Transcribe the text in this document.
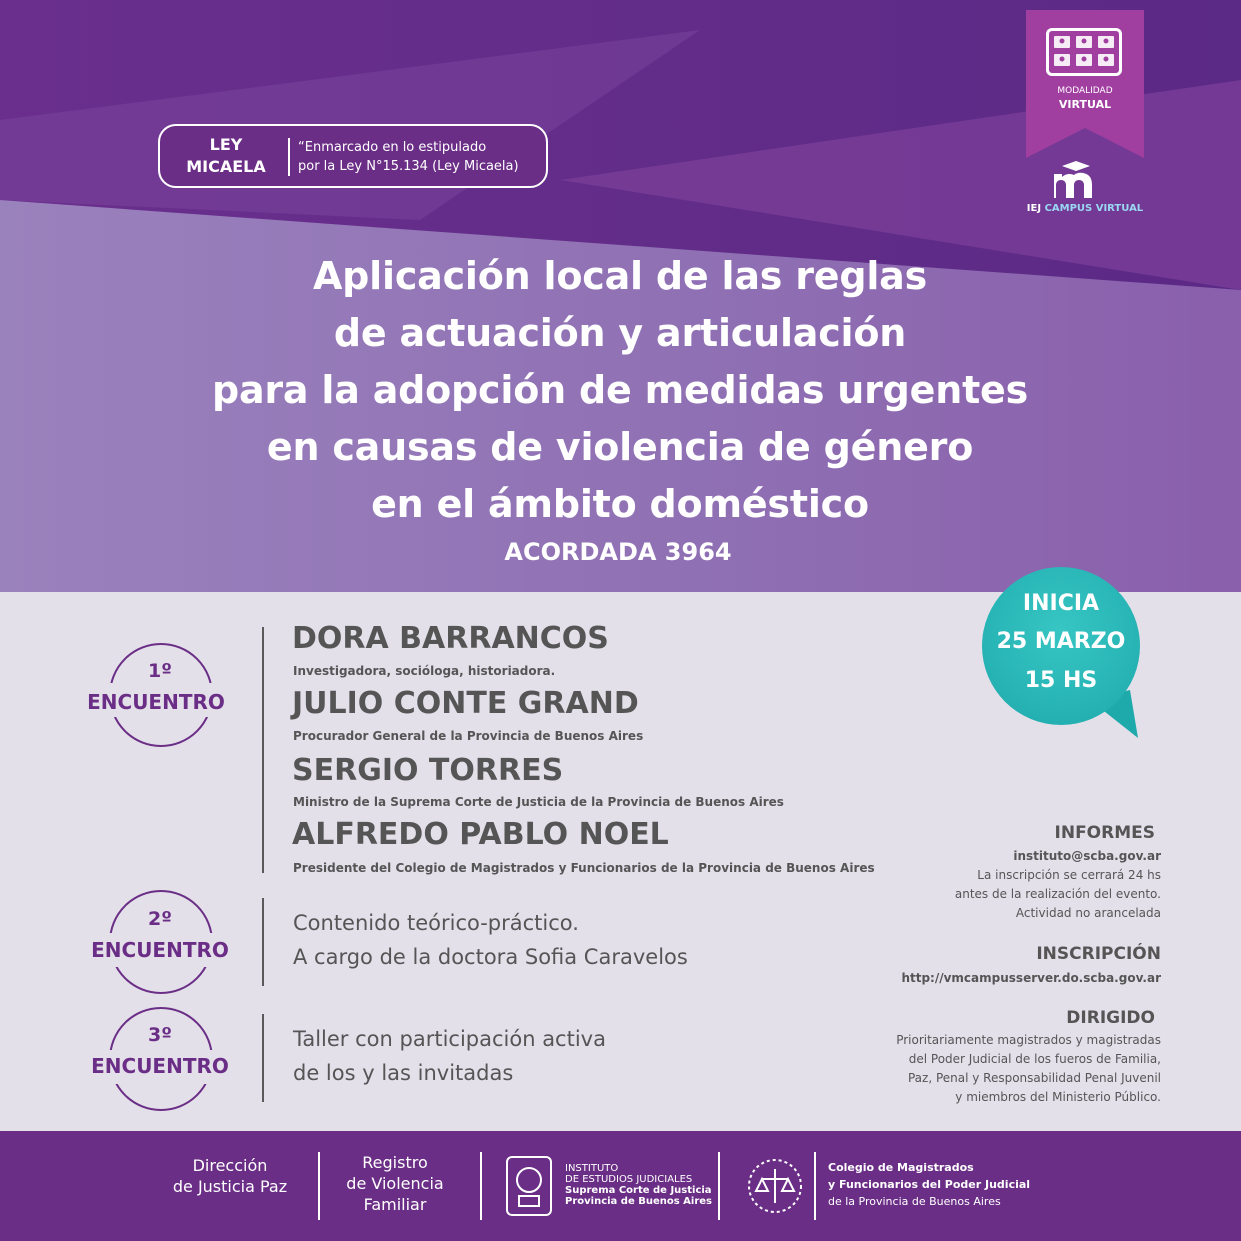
LEY MICAELA
“Enmarcado en lo estipulado
por la Ley N°15.134 (Ley Micaela)
MODALIDAD
VIRTUAL
IEJ CAMPUS VIRTUAL
Aplicación local de las reglas
de actuación y articulación
para la adopción de medidas urgentes
en causas de violencia de género
en el ámbito doméstico
ACORDADA 3964
1º
ENCUENTRO
DORA BARRANCOS
Investigadora, socióloga, historiadora.
JULIO CONTE GRAND
Procurador General de la Provincia de Buenos Aires
SERGIO TORRES
Ministro de la Suprema Corte de Justicia de la Provincia de Buenos Aires
ALFREDO PABLO NOEL
Presidente del Colegio de Magistrados y Funcionarios de la Provincia de Buenos Aires
2º
ENCUENTRO
Contenido teórico-práctico.
A cargo de la doctora Sofia Caravelos
3º
ENCUENTRO
Taller con participación activa
de los y las invitadas
INICIA
25 MARZO
15 HS
INFORMES
instituto@scba.gov.ar
La inscripción se cerrará 24 hs
antes de la realización del evento.
Actividad no arancelada
INSCRIPCIÓN
http://vmcampusserver.do.scba.gov.ar
DIRIGIDO
Prioritariamente magistrados y magistradas
del Poder Judicial de los fueros de Familia,
Paz, Penal y Responsabilidad Penal Juvenil
y miembros del Ministerio Público.
Dirección
de Justicia Paz
Registro
de Violencia
Familiar
INSTITUTO
DE ESTUDIOS JUDICIALES
Suprema Corte de Justicia
Provincia de Buenos Aires
Colegio de Magistrados
y Funcionarios del Poder Judicial
de la Provincia de Buenos Aires
